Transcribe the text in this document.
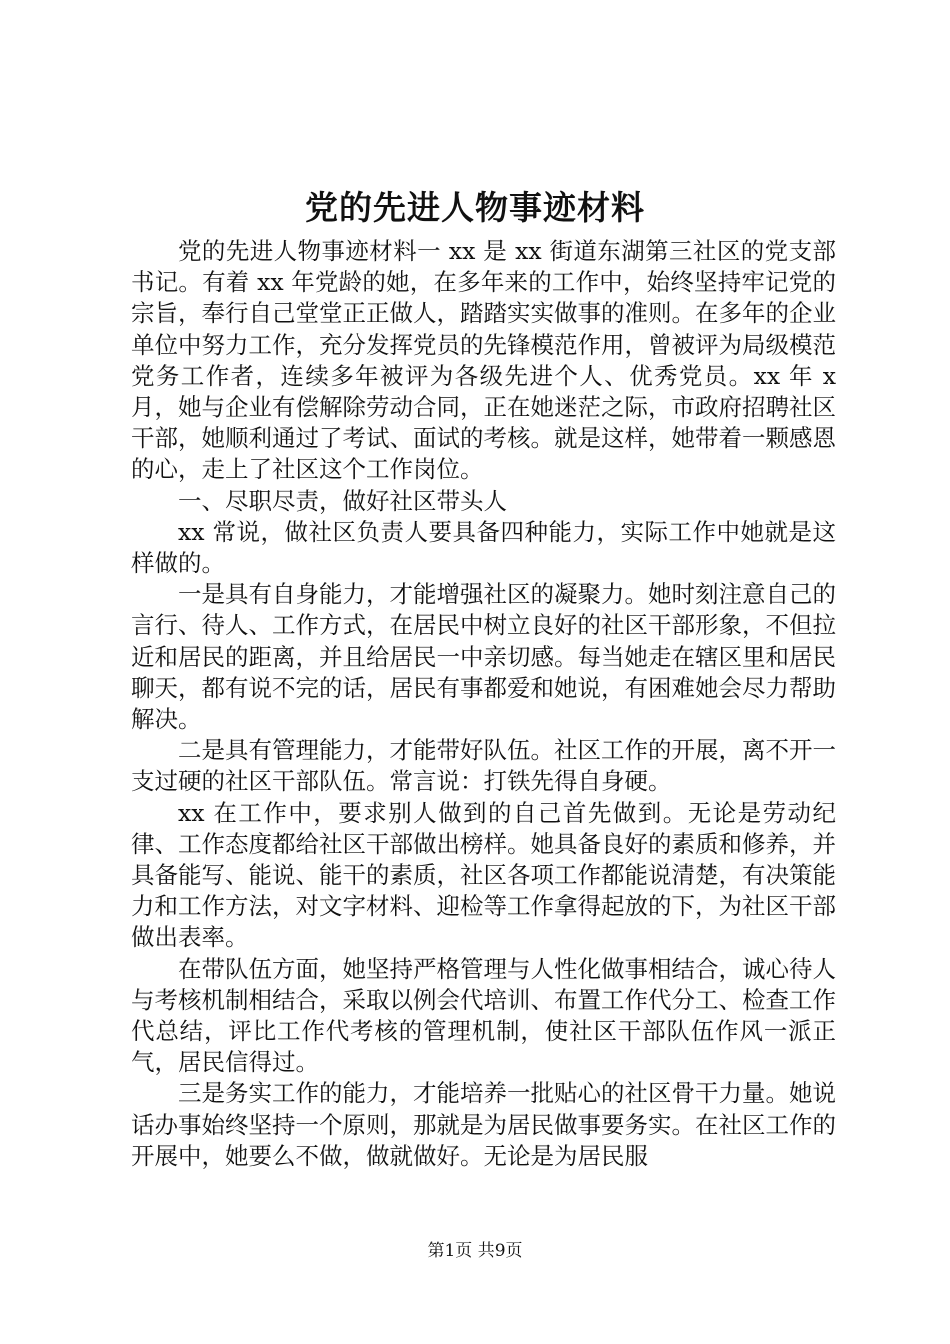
党的先进人物事迹材料

党的先进人物事迹材料一 xx 是 xx 街道东湖第三社区的党支部书记。有着 xx 年党龄的她，在多年来的工作中，始终坚持牢记党的宗旨，奉行自己堂堂正正做人，踏踏实实做事的准则。在多年的企业单位中努力工作，充分发挥党员的先锋模范作用，曾被评为局级模范党务工作者，连续多年被评为各级先进个人、优秀党员。xx 年 x 月，她与企业有偿解除劳动合同，正在她迷茫之际，市政府招聘社区干部，她顺利通过了考试、面试的考核。就是这样，她带着一颗感恩的心，走上了社区这个工作岗位。

一、尽职尽责，做好社区带头人

xx 常说，做社区负责人要具备四种能力，实际工作中她就是这样做的。

一是具有自身能力，才能增强社区的凝聚力。她时刻注意自己的言行、待人、工作方式，在居民中树立良好的社区干部形象，不但拉近和居民的距离，并且给居民一中亲切感。每当她走在辖区里和居民聊天，都有说不完的话，居民有事都爱和她说，有困难她会尽力帮助解决。

二是具有管理能力，才能带好队伍。社区工作的开展，离不开一支过硬的社区干部队伍。常言说：打铁先得自身硬。

xx 在工作中，要求别人做到的自己首先做到。无论是劳动纪律、工作态度都给社区干部做出榜样。她具备良好的素质和修养，并具备能写、能说、能干的素质，社区各项工作都能说清楚，有决策能力和工作方法，对文字材料、迎检等工作拿得起放的下，为社区干部做出表率。

在带队伍方面，她坚持严格管理与人性化做事相结合，诚心待人与考核机制相结合，采取以例会代培训、布置工作代分工、检查工作代总结，评比工作代考核的管理机制，使社区干部队伍作风一派正气，居民信得过。

三是务实工作的能力，才能培养一批贴心的社区骨干力量。她说话办事始终坚持一个原则，那就是为居民做事要务实。在社区工作的开展中，她要么不做，做就做好。无论是为居民服

第1页 共9页
